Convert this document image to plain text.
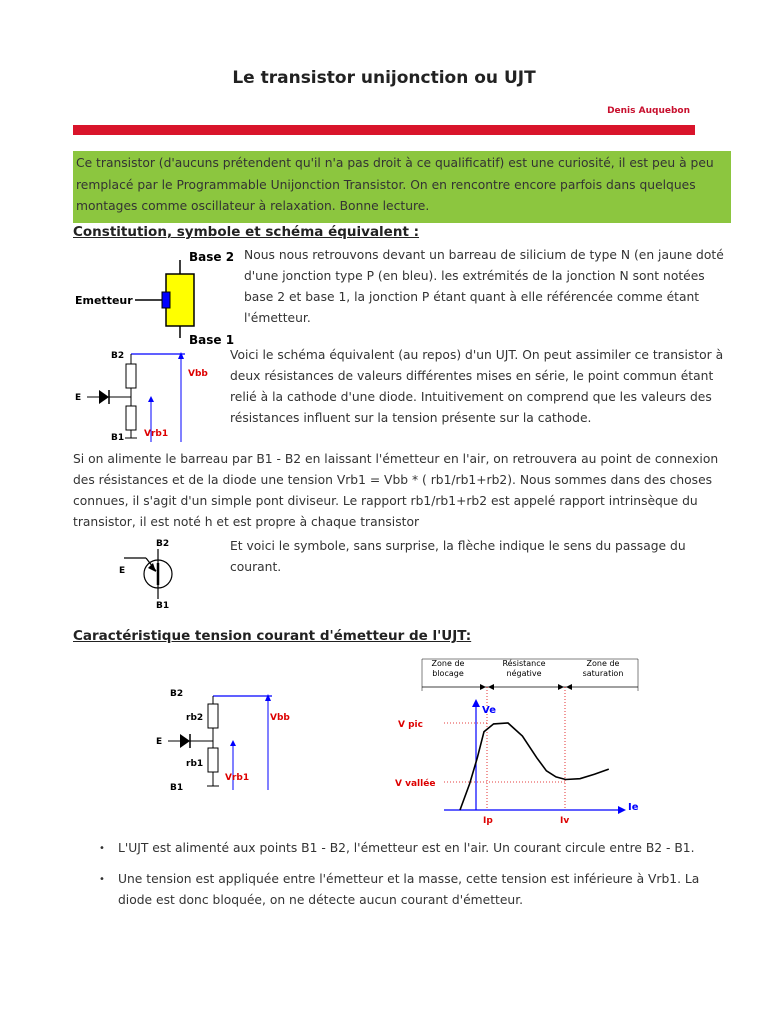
Le transistor unijonction ou UJT
Denis Auquebon
Ce transistor (d'aucuns prétendent qu'il n'a pas droit à ce qualificatif) est une curiosité, il est peu à peu remplacé par le Programmable Unijonction Transistor. On en rencontre encore parfois dans quelques montages comme oscillateur à relaxation. Bonne lecture.
Constitution, symbole et schéma équivalent :
Base 2
Emetteur
Base 1
Nous nous retrouvons devant un barreau de silicium de type N (en jaune doté d'une jonction type P (en bleu). les extrémités de la jonction N sont notées base 2 et base 1, la jonction P étant quant à elle référencée comme étant l'émetteur.
B2
E
Vbb
Vrb1
B1
Voici le schéma équivalent (au repos) d'un UJT. On peut assimiler ce transistor à deux résistances de valeurs différentes mises en série, le point commun étant relié à la cathode d'une diode. Intuitivement on comprend que les valeurs des résistances influent sur la tension présente sur la cathode.
Si on alimente le barreau par B1 - B2 en laissant l'émetteur en l'air, on retrouvera au point de connexion des résistances et de la diode une tension Vrb1 = Vbb * ( rb1/rb1+rb2). Nous sommes dans des choses connues, il s'agit d'un simple pont diviseur. Le rapport rb1/rb1+rb2 est appelé rapport intrinsèque du transistor, il est noté h et est propre à chaque transistor
B2
B1
E
Et voici le symbole, sans surprise, la flèche indique le sens du passage du courant.
Caractéristique tension courant d'émetteur de l'UJT:
B2
rb2
rb1
E
Vbb
Vrb1
B1
Zone de
blocage
Résistance
négative
Zone de
saturation
Ve
Ie
V pic
V vallée
Ip	Iv
• L'UJT est alimenté aux points B1 - B2, l'émetteur est en l'air. Un courant circule entre B2 - B1.
• Une tension est appliquée entre l'émetteur et la masse, cette tension est inférieure à Vrb1. La diode est donc bloquée, on ne détecte aucun courant d'émetteur.
